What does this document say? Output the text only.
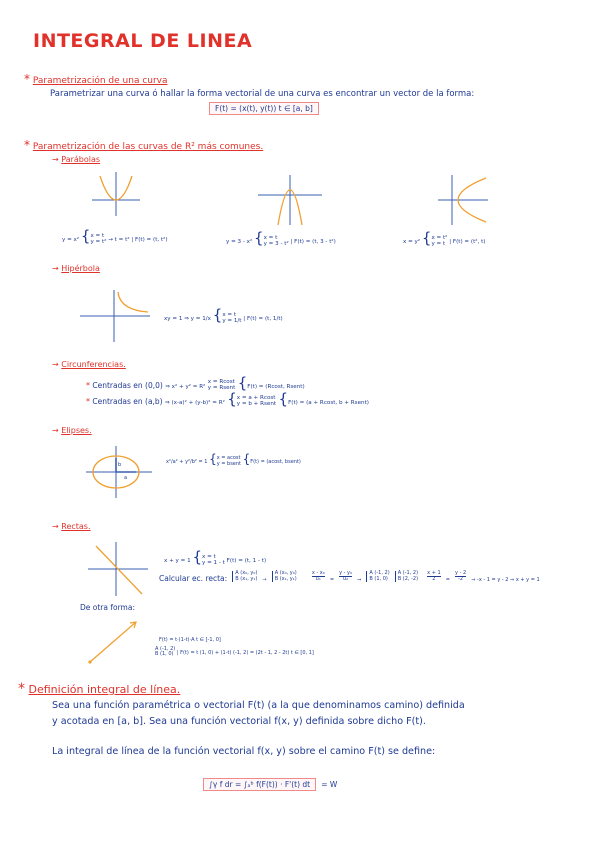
INTEGRAL DE LINEA
* Parametrización de una curva
Parametrizar una curva ó hallar la forma vectorial de una curva es encontrar un vector de la forma:
F(t) = (x(t), y(t)) t ∈ [a, b]
* Parametrización de las curvas de R² más comunes.
→ Parábolas
y = x² {x = t
y = t² → t = t² | F(t) = (t, t²)	y = 3 - x² {x = t
y = 3 - t² | F(t) = (t, 3 - t²)	x = y² {x = t²
y = t | F(t) = (t², t)
→ Hipérbola
xy = 1 ⇒ y = 1/x {x = t
y = 1/t | F(t) = (t, 1/t)
→ Circunferencias.
* Centradas en (0,0) ⇒ x² + y² = R² x = Rcost
y = Rsent {F(t) = (Rcost, Rsent)
* Centradas en (a,b) ⇒ (x-a)² + (y-b)² = R² {x = a + Rcost
y = b + Rsent {F(t) = (a + Rcost, b + Rsent)
→ Elipses.
b
a
x²/a² + y²/b² = 1 {x = acost
y = bsent {F(t) = (acost, bsent)
→ Rectas.
x + y = 1 {x = t
y = 1 - t F(t) = (t, 1 - t)
Calcular ec. recta: A (x₀, y₀)
B (x₁, y₁) → A (x₀, y₀)
B (x₁, y₁)	$\frac{\text{x - x₀}}{\text{u₁}} = \frac{\text{y - y₀}}{\text{u₂}}$ ⇒ A (-1, 2)
B (1, 0) A (-1, 2)
B (2, $-2) \frac{x + 1}{2} = \frac{y - 2}{-2}$ ⇒ -x - 1 = y - 2 ⇒ x + y = 1
De otra forma:
F(t) = t·(1-t)·A t ∈ [-1, 0]
A (-1, 2)
B (1, 0) | F(t) = t (1, 0) + (1-t) (-1, 2) = (2t - 1, 2 - 2t) t ∈ [0, 1]
* Definición integral de línea.
Sea una función paramétrica o vectorial F(t) (a la que denominamos camino) definida
y acotada en [a, b]. Sea una función vectorial f(x, y) definida sobre dicho F(t).
La integral de línea de la función vectorial f(x, y) sobre el camino F(t) se define:
∫γ f dr = ∫ₐᵇ f(F(t)) · F'(t) dt = W
